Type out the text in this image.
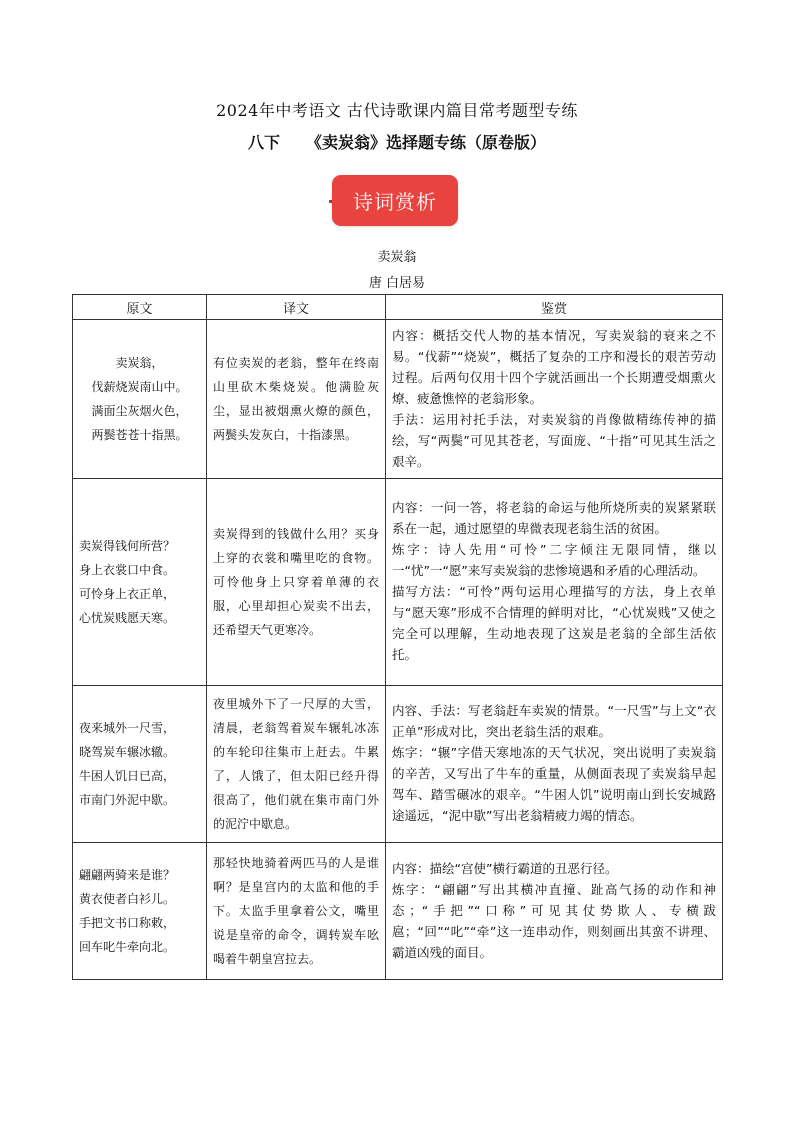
2024年中考语文 古代诗歌课内篇目常考题型专练
八下 《卖炭翁》选择题专练（原卷版）
诗词赏析
卖炭翁
唐 白居易
原文	译文	鉴赏

卖炭翁，
伐薪烧炭南山中。
满面尘灰烟火色，
两鬓苍苍十指黑。	有位卖炭的老翁，整年在终南山里砍木柴烧炭。他满脸灰尘，显出被烟熏火燎的颜色，两鬓头发灰白，十指漆黑。	内容：概括交代人物的基本情况，写卖炭翁的衰来之不易。“伐薪”“烧炭”，概括了复杂的工序和漫长的艰苦劳动过程。后两句仅用十四个字就活画出一个长期遭受烟熏火燎、疲惫憔悴的老翁形象。
手法：运用衬托手法，对卖炭翁的肖像做精练传神的描绘，写“两鬓”可见其苍老，写面庞、“十指”可见其生活之艰辛。

卖炭得钱何所营？
身上衣裳口中食。
可怜身上衣正单，
心忧炭贱愿天寒。	卖炭得到的钱做什么用？买身上穿的衣裳和嘴里吃的食物。可怜他身上只穿着单薄的衣服，心里却担心炭卖不出去，还希望天气更寒冷。	内容：一问一答，将老翁的命运与他所烧所卖的炭紧紧联系在一起，通过愿望的卑微表现老翁生活的贫困。
炼字：诗人先用“可怜”二字倾注无限同情，继以一“忧”一“愿”来写卖炭翁的悲惨境遇和矛盾的心理活动。
描写方法：“可怜”两句运用心理描写的方法，身上衣单与“愿天寒”形成不合情理的鲜明对比，“心忧炭贱”又使之完全可以理解，生动地表现了这炭是老翁的全部生活依托。

夜来城外一尺雪，
晓驾炭车辗冰辙。
牛困人饥日已高，
市南门外泥中歇。	夜里城外下了一尺厚的大雪，清晨，老翁驾着炭车辗轧冰冻的车轮印往集市上赶去。牛累了，人饿了，但太阳已经升得很高了，他们就在集市南门外的泥泞中歇息。	内容、手法：写老翁赶车卖炭的情景。“一尺雪”与上文“衣正单”形成对比，突出老翁生活的艰难。
炼字：“辗”字借天寒地冻的天气状况，突出说明了卖炭翁的辛苦，又写出了牛车的重量，从侧面表现了卖炭翁早起驾车、踏雪碾冰的艰辛。“牛困人饥”说明南山到长安城路途遥远，“泥中歇”写出老翁精疲力竭的情态。

翩翩两骑来是谁？
黄衣使者白衫儿。
手把文书口称敕，
回车叱牛牵向北。	那轻快地骑着两匹马的人是谁啊？是皇宫内的太监和他的手下。太监手里拿着公文，嘴里说是皇帝的命令，调转炭车吆喝着牛朝皇宫拉去。	内容：描绘“宫使”横行霸道的丑恶行径。
炼字：“翩翩”写出其横冲直撞、趾高气扬的动作和神态；“手把”“口称”可见其仗势欺人、专横跋扈；“回”“叱”“牵”这一连串动作，则刻画出其蛮不讲理、霸道凶残的面目。
